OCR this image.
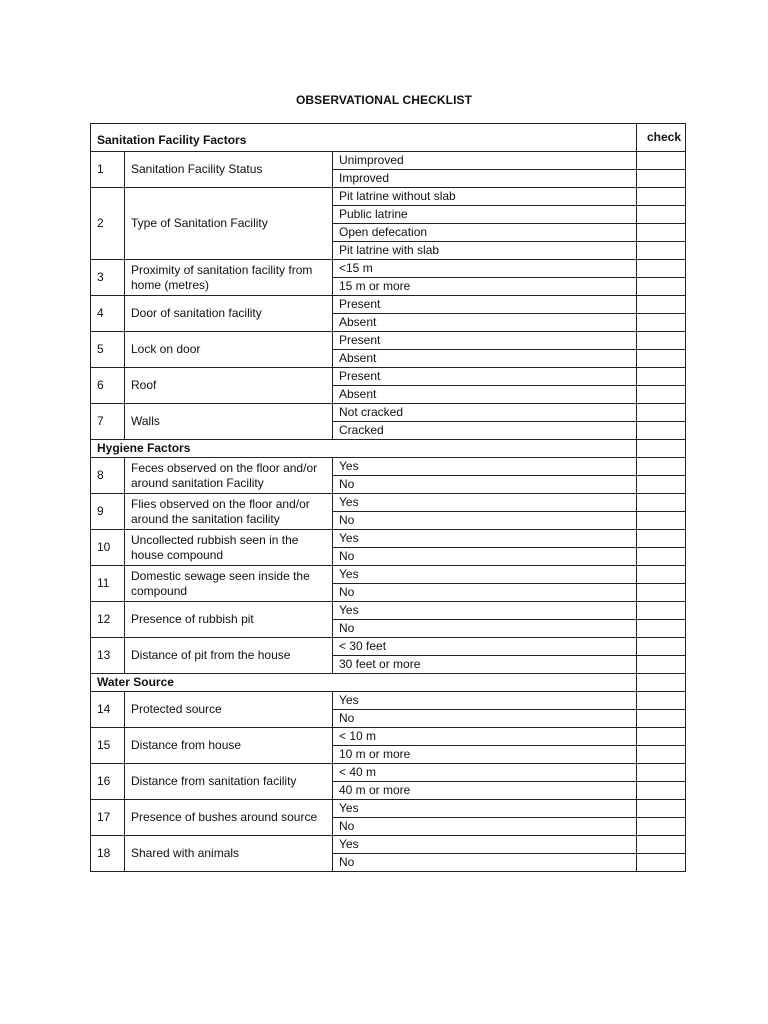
OBSERVATIONAL CHECKLIST
Sanitation Facility Factors			check
1	Sanitation Facility Status	Unimproved	
		Improved	
2	Type of Sanitation Facility	Pit latrine without slab	
		Public latrine	
		Open defecation	
		Pit latrine with slab	
3	Proximity of sanitation facility from home (metres)	<15 m	
		15 m or more	
4	Door of sanitation facility	Present	
		Absent	
5	Lock on door	Present	
		Absent	
6	Roof	Present	
		Absent	
7	Walls	Not cracked	
		Cracked	
Hygiene Factors			
8	Feces observed on the floor and/or around sanitation Facility	Yes	
		No	
9	Flies observed on the floor and/or around the sanitation facility	Yes	
		No	
10	Uncollected rubbish seen in the house compound	Yes	
		No	
11	Domestic sewage seen inside the compound	Yes	
		No	
12	Presence of rubbish pit	Yes	
		No	
13	Distance of pit from the house	< 30 feet	
		30 feet or more	
Water Source			
14	Protected source	Yes	
		No	
15	Distance from house	< 10 m	
		10 m or more	
16	Distance from sanitation facility	< 40 m	
		40 m or more	
17	Presence of bushes around source	Yes	
		No	
18	Shared with animals	Yes	
		No	
